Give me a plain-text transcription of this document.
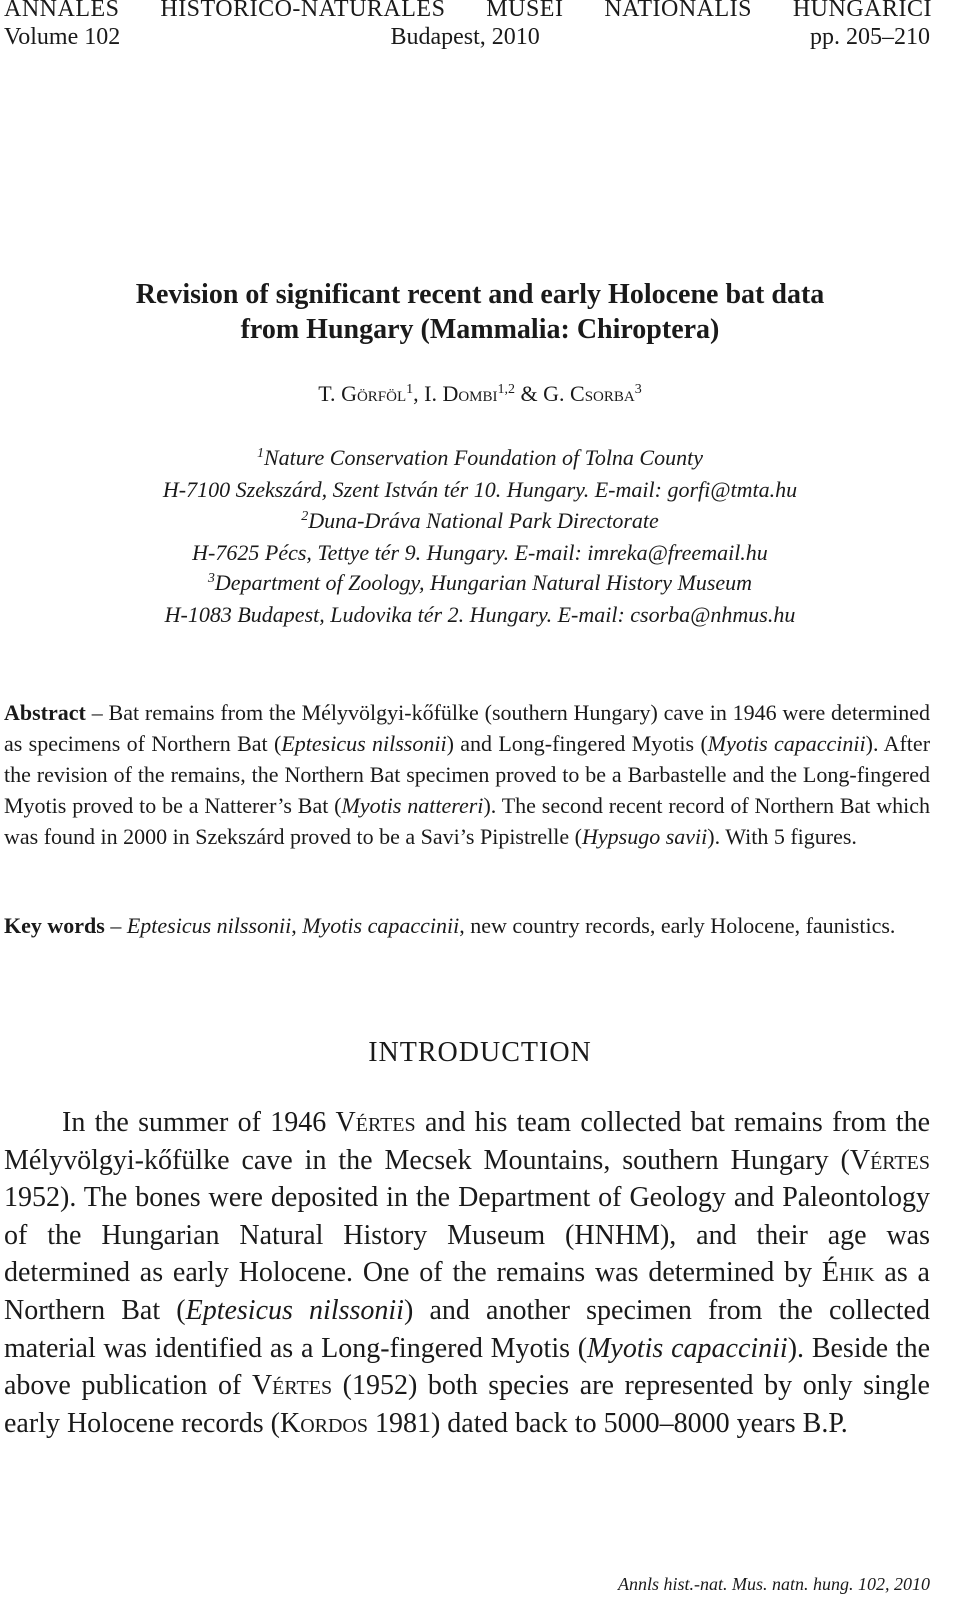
ANNALES HISTORICO-NATURALES MUSEI NATIONALIS HUNGARICI
Volume 102	Budapest, 2010	pp. 205–210
Revision of significant recent and early Holocene bat data
from Hungary (Mammalia: Chiroptera)
T. Görföl$^1$, I. Dombi$^{1,2}$ & G. Csorba$^3$
$^1$Nature Conservation Foundation of Tolna County
H-7100 Szekszárd, Szent István tér 10. Hungary. E-mail: gorfi@tmta.hu
$^2$Duna-Dráva National Park Directorate
H-7625 Pécs, Tettye tér 9. Hungary. E-mail: imreka@freemail.hu
$^3$Department of Zoology, Hungarian Natural History Museum
H-1083 Budapest, Ludovika tér 2. Hungary. E-mail: csorba@nhmus.hu
Abstract – Bat remains from the Mélyvölgyi-kőfülke (southern Hungary) cave in 1946 were determined as specimens of Northern Bat (Eptesicus nilssonii) and Long-fingered Myotis (Myotis capaccinii). After the revision of the remains, the Northern Bat specimen proved to be a Barbastelle and the Long-fingered Myotis proved to be a Natterer’s Bat (Myotis nattereri). The second recent record of Northern Bat which was found in 2000 in Szekszárd proved to be a Savi’s Pipistrelle (Hypsugo savii). With 5 figures.
Key words – Eptesicus nilssonii, Myotis capaccinii, new country records, early Holocene, faunistics.
INTRODUCTION
In the summer of 1946 Vértes and his team collected bat remains from the Mélyvölgyi-kőfülke cave in the Mecsek Mountains, southern Hungary (Vértes 1952). The bones were deposited in the Department of Geology and Paleontology of the Hungarian Natural History Museum (HNHM), and their age was determined as early Holocene. One of the remains was determined by Éhik as a Northern Bat (Eptesicus nilssonii) and another specimen from the collected material was identified as a Long-fingered Myotis (Myotis capaccinii). Beside the above publication of Vértes (1952) both species are represented by only single early Holocene records (Kordos 1981) dated back to 5000–8000 years B.P.
Annls hist.-nat. Mus. natn. hung. 102, 2010
